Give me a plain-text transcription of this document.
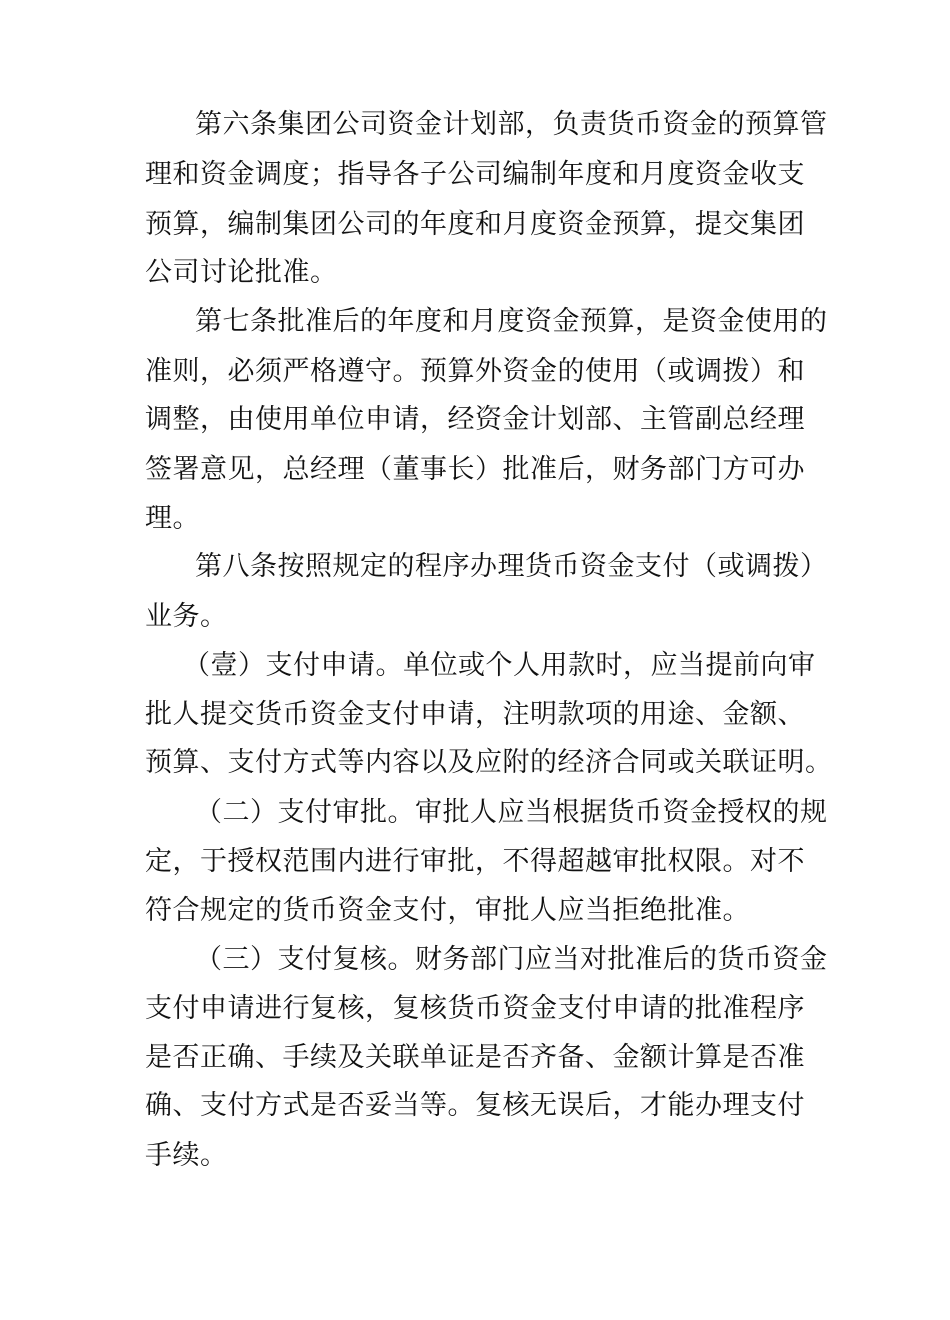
第六条集团公司资金计划部，负责货币资金的预算管
理和资金调度；指导各子公司编制年度和月度资金收支
预算，编制集团公司的年度和月度资金预算，提交集团
公司讨论批准。
第七条批准后的年度和月度资金预算，是资金使用的
准则，必须严格遵守。预算外资金的使用（或调拨）和
调整，由使用单位申请，经资金计划部、主管副总经理
签署意见，总经理（董事长）批准后，财务部门方可办
理。
第八条按照规定的程序办理货币资金支付（或调拨）
业务。
（壹）支付申请。单位或个人用款时，应当提前向审
批人提交货币资金支付申请，注明款项的用途、金额、
预算、支付方式等内容以及应附的经济合同或关联证明。
（二）支付审批。审批人应当根据货币资金授权的规
定，于授权范围内进行审批，不得超越审批权限。对不
符合规定的货币资金支付，审批人应当拒绝批准。
（三）支付复核。财务部门应当对批准后的货币资金
支付申请进行复核，复核货币资金支付申请的批准程序
是否正确、手续及关联单证是否齐备、金额计算是否准
确、支付方式是否妥当等。复核无误后，才能办理支付
手续。
